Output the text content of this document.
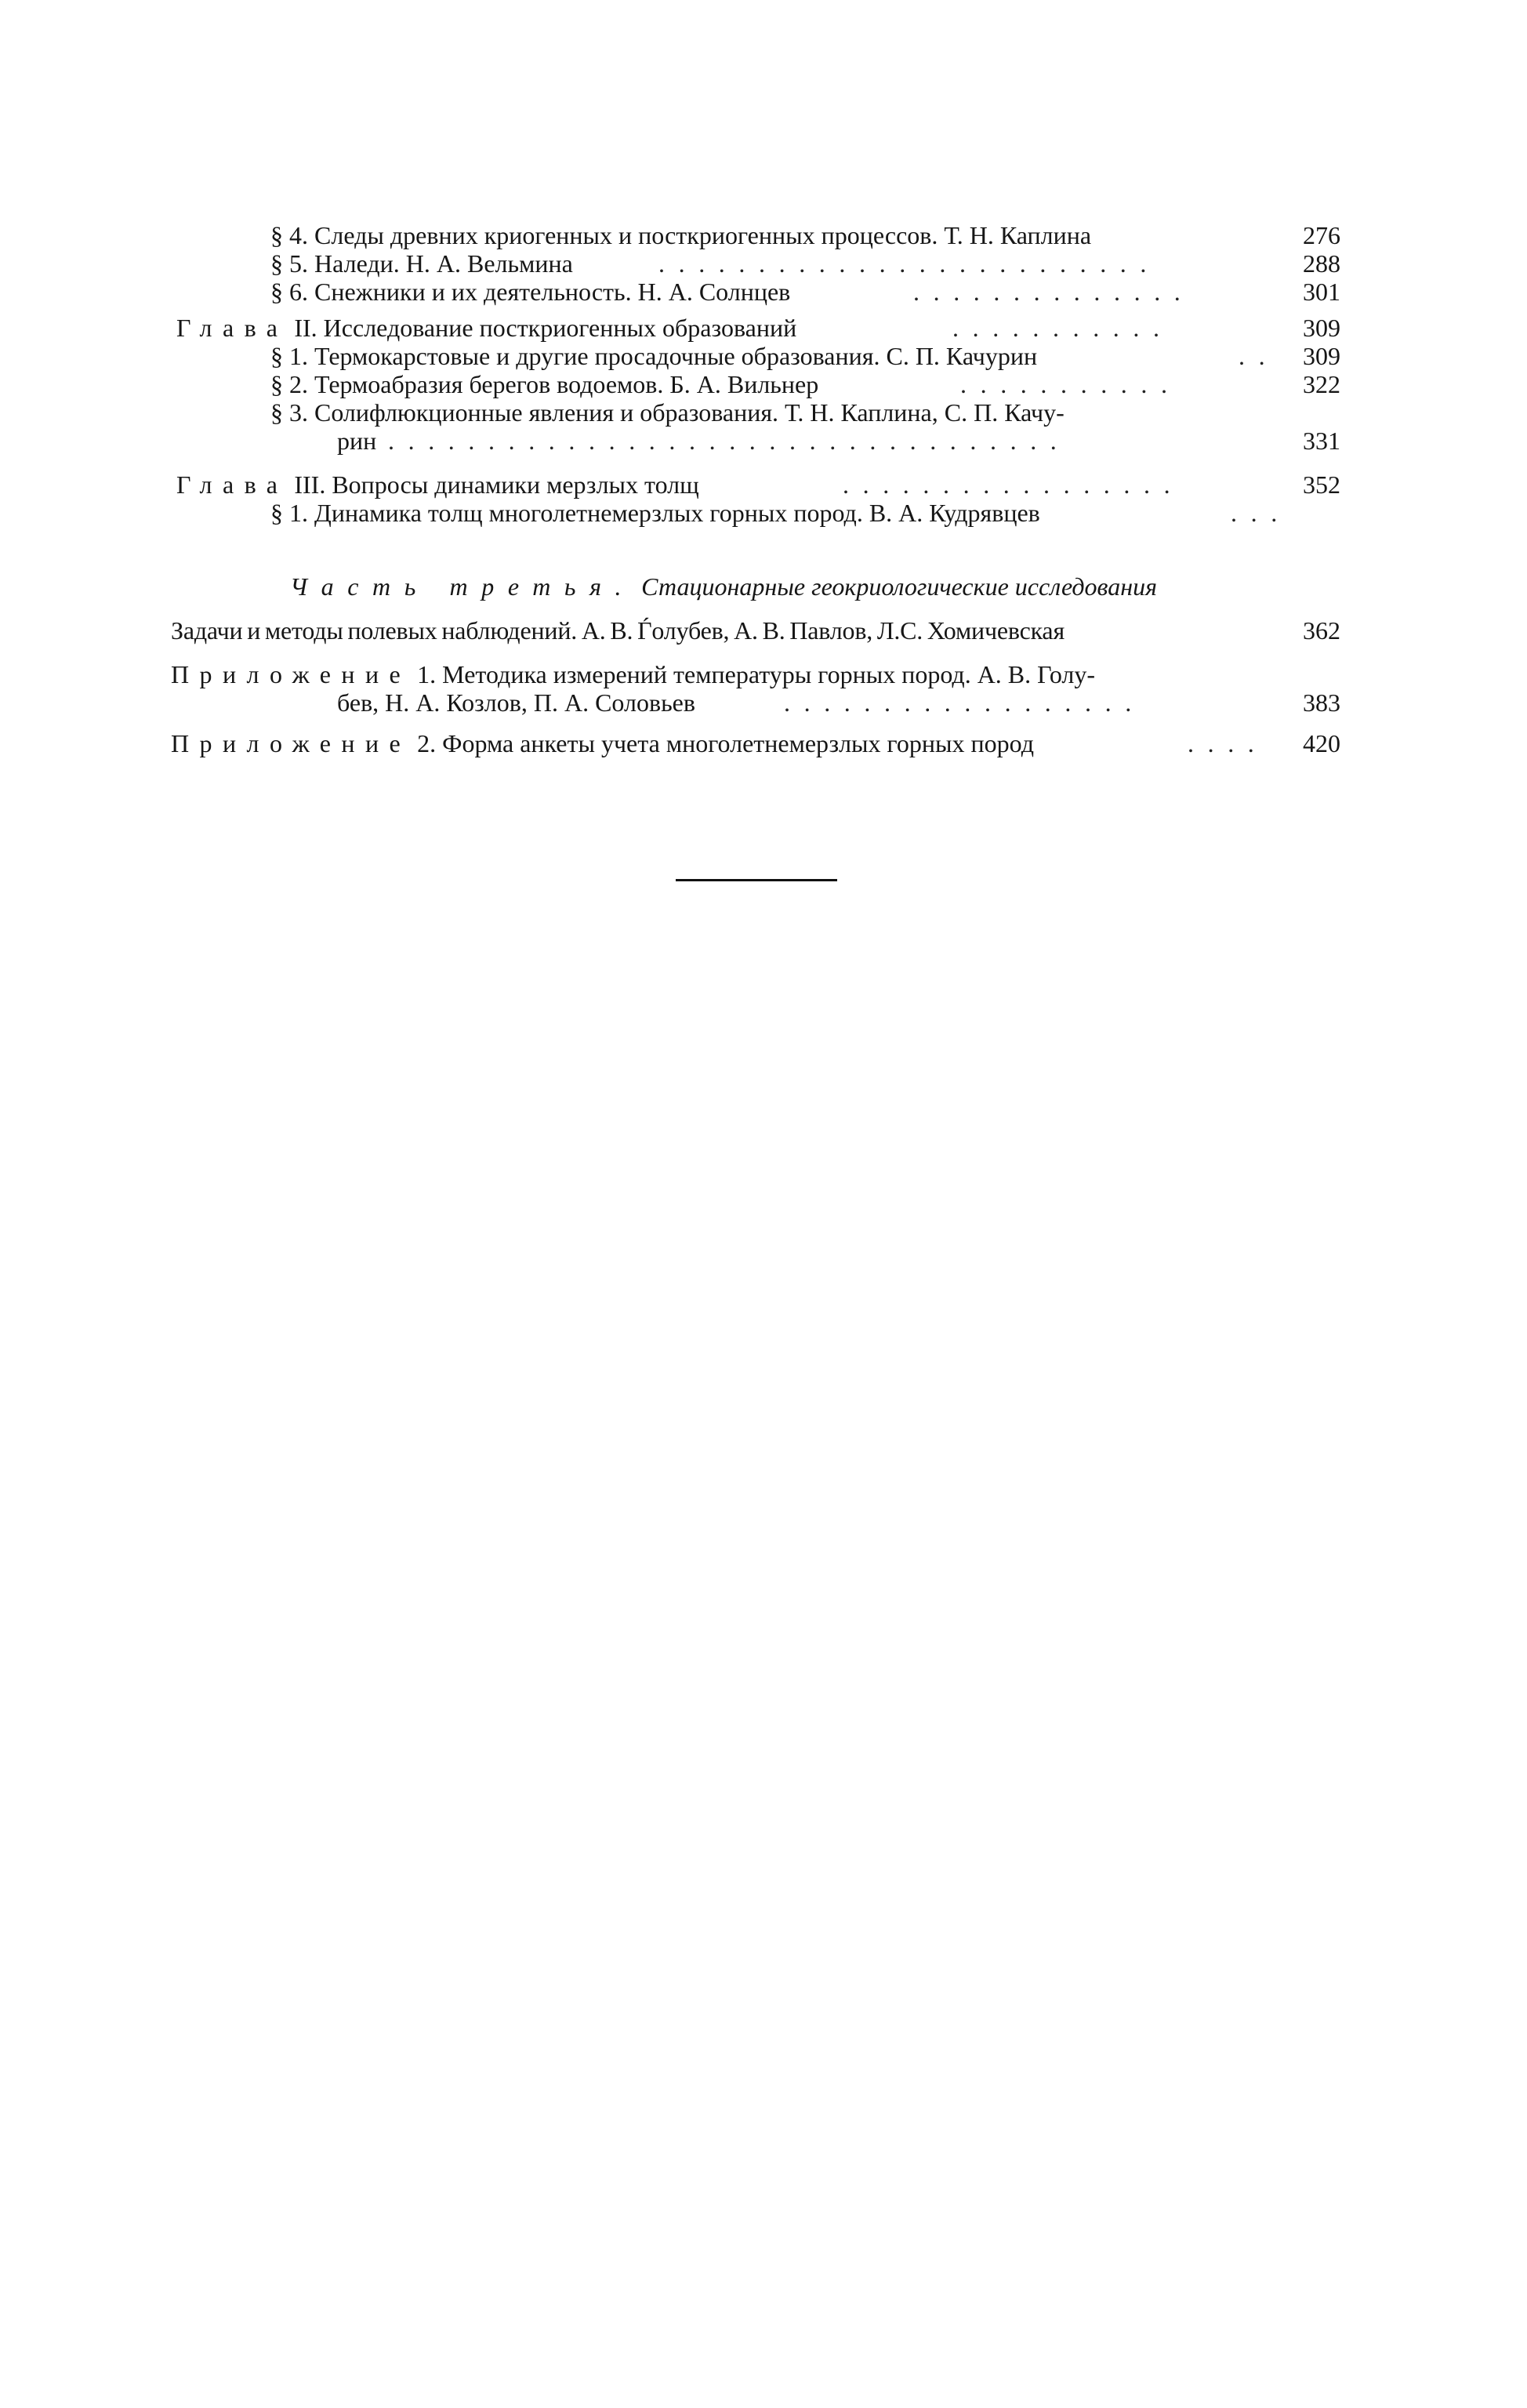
§ 4. Следы древних криогенных и посткриогенных процессов. Т. Н. Каплина	276
§ 5. Наледи. Н. А. Вельмина	.........................	288
§ 6. Снежники и их деятельность. Н. А. Солнцев	..............	301
Глава II. Исследование посткриогенных образований	...........	309
§ 1. Термокарстовые и другие просадочные образования. С. П. Качурин	.. 309
§ 2. Термоабразия берегов водоемов. Б. А. Вильнер	...........	322
§ 3. Солифлюкционные явления и образования. Т. Н. Каплина, С. П. Качу-
рин ..................................	331
Глава III. Вопросы динамики мерзлых толщ	.................	352
§ 1. Динамика толщ многолетнемерзлых горных пород. В. А. Кудрявцев	...
Часть третья. Стационарные геокриологические исследования
Задачи и методы полевых наблюдений. А. В. Ѓолубев, А. В. Павлов, Л.С. Хомичевская	362
Приложение 1. Методика измерений температуры горных пород. А. В. Голу-
бев, Н. А. Козлов, П. А. Соловьев	..................	383
Приложение 2. Форма анкеты учета многолетнемерзлых горных пород	....	420
